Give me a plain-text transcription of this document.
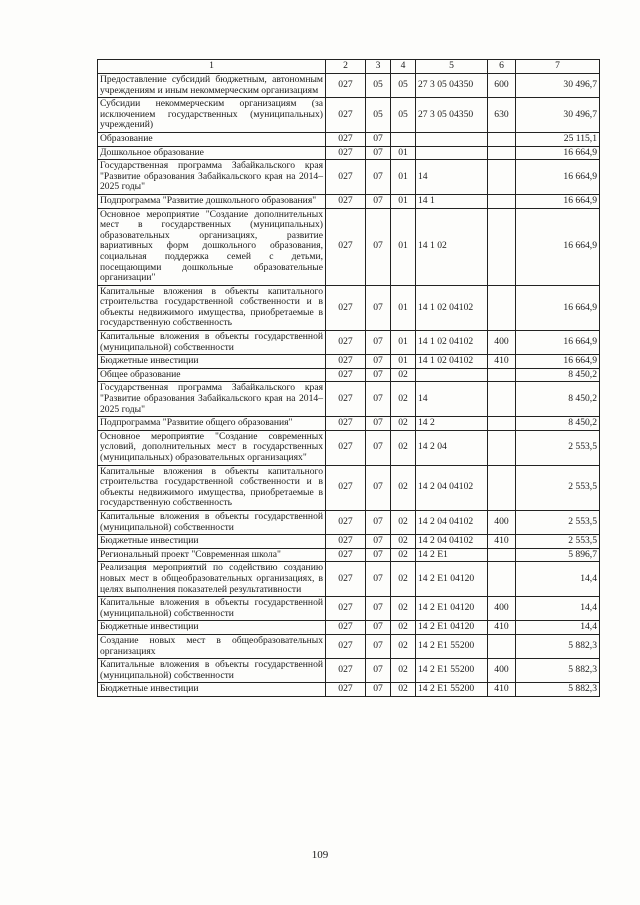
1	2	3	4	5	6	7
Предоставление субсидий бюджетным, автономным учреждениям и иным некоммерческим организациям	027	05	05	27 3 05 04350	600	30 496,7
Субсидии некоммерческим организациям (за исключением государственных (муниципальных) учреждений)	027	05	05	27 3 05 04350	630	30 496,7
Образование	027	07				25 115,1
Дошкольное образование	027	07	01			16 664,9
Государственная программа Забайкальского края "Развитие образования Забайкальского края на 2014–2025 годы"	027	07	01	14		16 664,9
Подпрограмма "Развитие дошкольного образования"	027	07	01	14 1		16 664,9
Основное мероприятие "Создание дополнительных мест в государственных (муниципальных) образовательных организациях, развитие вариативных форм дошкольного образования, социальная поддержка семей с детьми, посещающими дошкольные образовательные организации"	027	07	01	14 1 02		16 664,9
Капитальные вложения в объекты капитального строительства государственной собственности и в объекты недвижимого имущества, приобретаемые в государственную собственность	027	07	01	14 1 02 04102		16 664,9
Капитальные вложения в объекты государственной (муниципальной) собственности	027	07	01	14 1 02 04102	400	16 664,9
Бюджетные инвестиции	027	07	01	14 1 02 04102	410	16 664,9
Общее образование	027	07	02			8 450,2
Государственная программа Забайкальского края "Развитие образования Забайкальского края на 2014–2025 годы"	027	07	02	14		8 450,2
Подпрограмма "Развитие общего образования"	027	07	02	14 2		8 450,2
Основное мероприятие "Создание современных условий, дополнительных мест в государственных (муниципальных) образовательных организациях"	027	07	02	14 2 04		2 553,5
Капитальные вложения в объекты капитального строительства государственной собственности и в объекты недвижимого имущества, приобретаемые в государственную собственность	027	07	02	14 2 04 04102		2 553,5
Капитальные вложения в объекты государственной (муниципальной) собственности	027	07	02	14 2 04 04102	400	2 553,5
Бюджетные инвестиции	027	07	02	14 2 04 04102	410	2 553,5
Региональный проект "Современная школа"	027	07	02	14 2 E1		5 896,7
Реализация мероприятий по содействию созданию новых мест в общеобразовательных организациях, в целях выполнения показателей результативности	027	07	02	14 2 E1 04120		14,4
Капитальные вложения в объекты государственной (муниципальной) собственности	027	07	02	14 2 E1 04120	400	14,4
Бюджетные инвестиции	027	07	02	14 2 E1 04120	410	14,4
Создание новых мест в общеобразовательных организациях	027	07	02	14 2 E1 55200		5 882,3
Капитальные вложения в объекты государственной (муниципальной) собственности	027	07	02	14 2 E1 55200	400	5 882,3
Бюджетные инвестиции	027	07	02	14 2 E1 55200	410	5 882,3
109
